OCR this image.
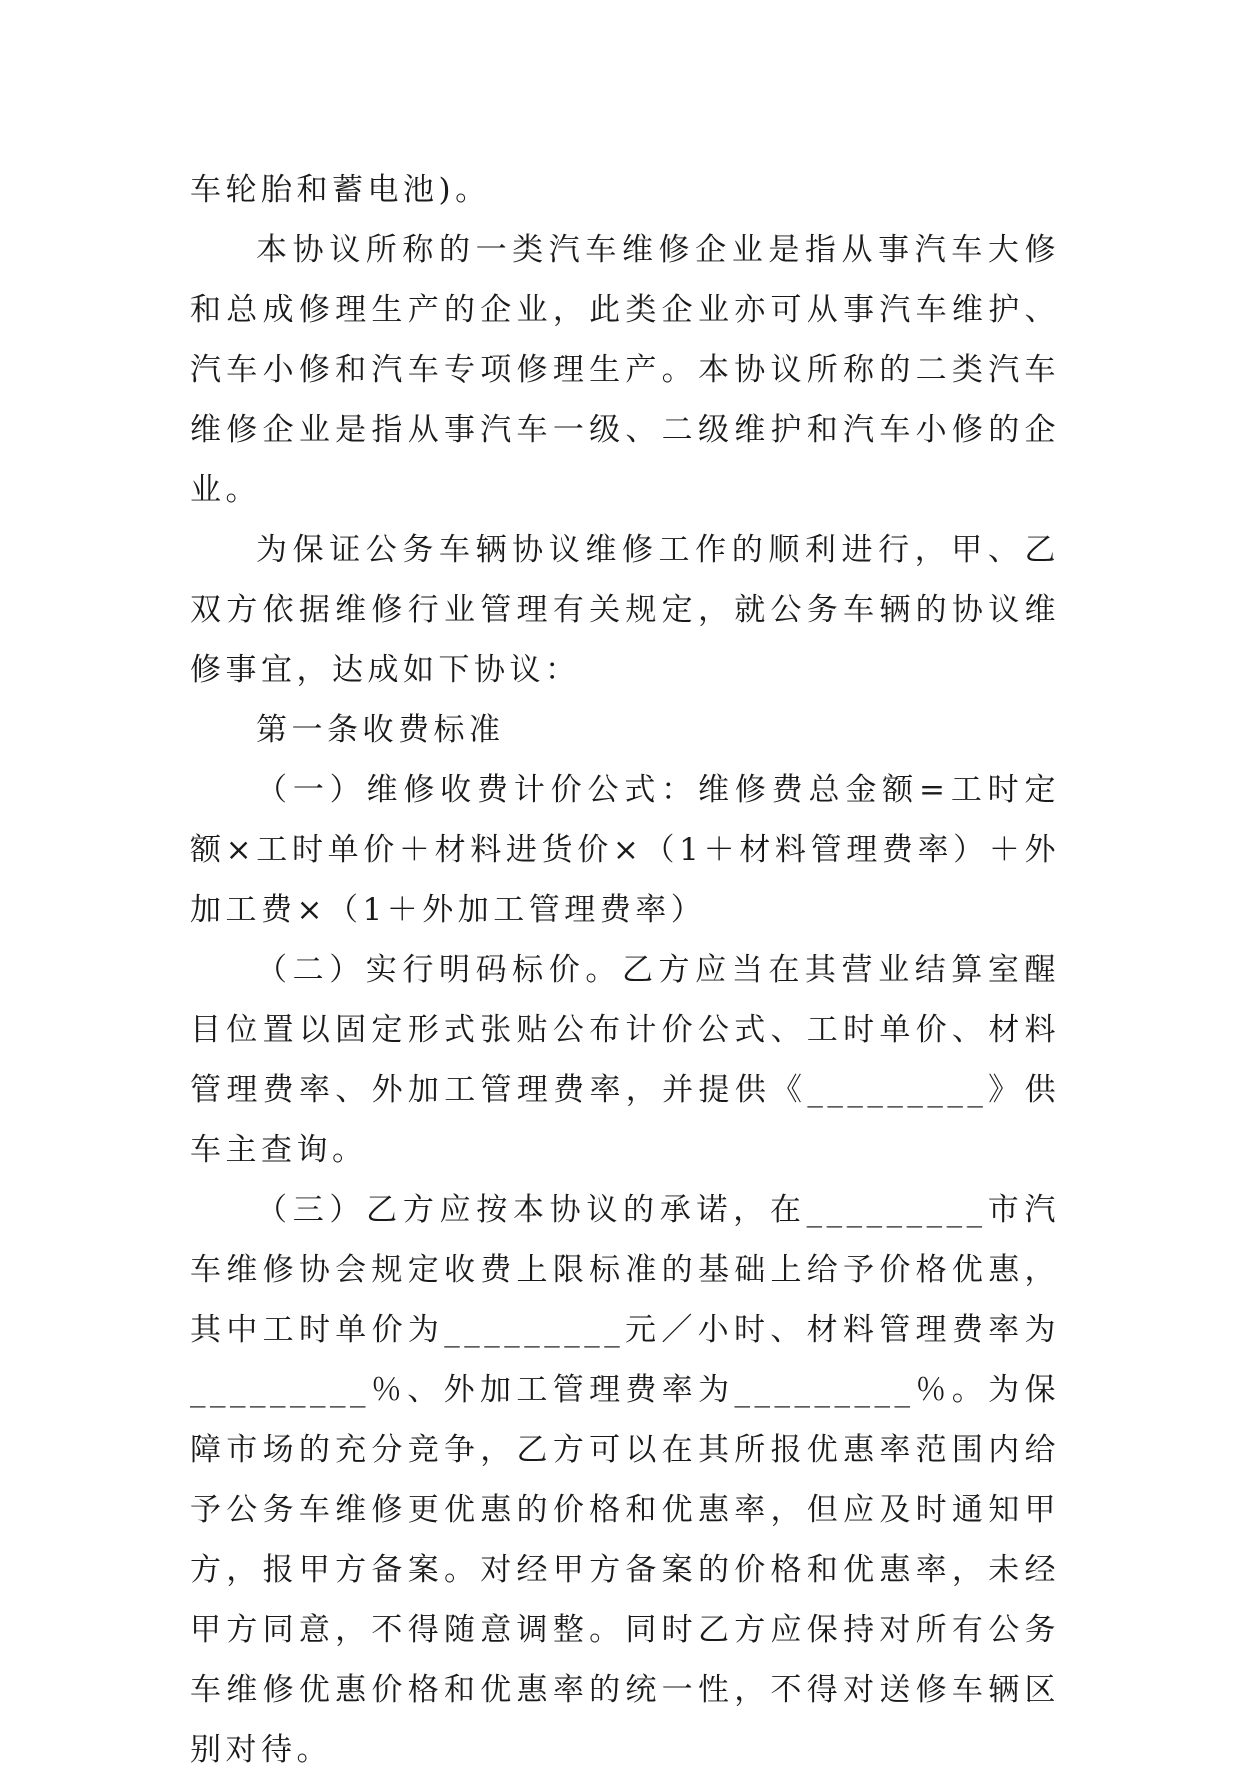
车轮胎和蓄电池)。

本协议所称的一类汽车维修企业是指从事汽车大修和总成修理生产的企业，此类企业亦可从事汽车维护、汽车小修和汽车专项修理生产。本协议所称的二类汽车维修企业是指从事汽车一级、二级维护和汽车小修的企业。

为保证公务车辆协议维修工作的顺利进行，甲、乙双方依据维修行业管理有关规定，就公务车辆的协议维修事宜，达成如下协议：

第一条收费标准

（一）维修收费计价公式：维修费总金额=工时定额×工时单价＋材料进货价×（1＋材料管理费率）＋外加工费×（1＋外加工管理费率）

（二）实行明码标价。乙方应当在其营业结算室醒目位置以固定形式张贴公布计价公式、工时单价、材料管理费率、外加工管理费率，并提供《_________》供车主查询。

（三）乙方应按本协议的承诺，在_________市汽车维修协会规定收费上限标准的基础上给予价格优惠，其中工时单价为_________元／小时、材料管理费率为_________％、外加工管理费率为_________％。为保障市场的充分竞争，乙方可以在其所报优惠率范围内给予公务车维修更优惠的价格和优惠率，但应及时通知甲方，报甲方备案。对经甲方备案的价格和优惠率，未经甲方同意，不得随意调整。同时乙方应保持对所有公务车维修优惠价格和优惠率的统一性，不得对送修车辆区别对待。
